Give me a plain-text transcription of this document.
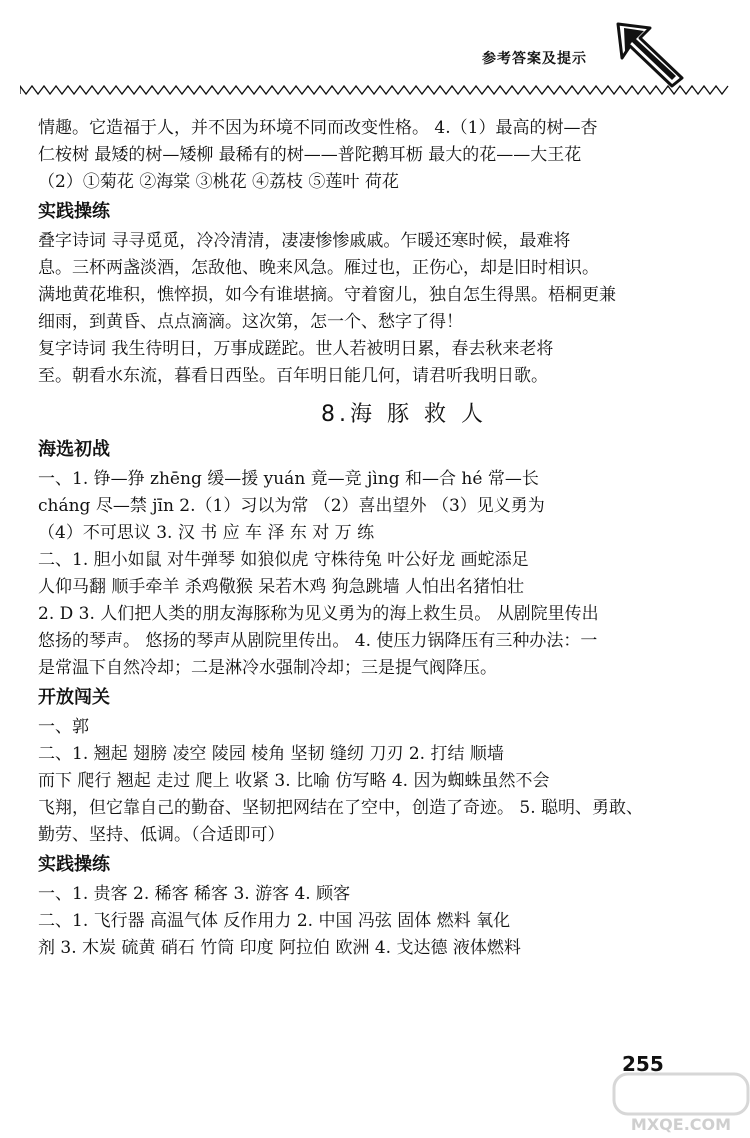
参考答案及提示
情趣。它造福于人，并不因为环境不同而改变性格。 4.（1）最高的树—杏
仁桉树 最矮的树—矮柳 最稀有的树——普陀鹅耳枥 最大的花——大王花
（2）①菊花 ②海棠 ③桃花 ④荔枝 ⑤莲叶 荷花
实践操练
叠字诗词 寻寻觅觅，冷冷清清，凄凄惨惨戚戚。乍暖还寒时候，最难将
息。三杯两盏淡酒，怎敌他、晚来风急。雁过也，正伤心，却是旧时相识。
满地黄花堆积，憔悴损，如今有谁堪摘。守着窗儿，独自怎生得黑。梧桐更兼
细雨，到黄昏、点点滴滴。这次第，怎一个、愁字了得！
复字诗词 我生待明日，万事成蹉跎。世人若被明日累，春去秋来老将
至。朝看水东流，暮看日西坠。百年明日能几何，请君听我明日歌。
8.海 豚 救 人
海选初战
一、1. 铮—狰 zhēng 缓—援 yuán 竟—竞 jìng 和—合 hé 常—长
cháng 尽—禁 jīn 2.（1）习以为常 （2）喜出望外 （3）见义勇为
（4）不可思议 3. 汉 书 应 车 泽 东 对 万 练
二、1. 胆小如鼠 对牛弹琴 如狼似虎 守株待兔 叶公好龙 画蛇添足
人仰马翻 顺手牵羊 杀鸡儆猴 呆若木鸡 狗急跳墙 人怕出名猪怕壮
2. D 3. 人们把人类的朋友海豚称为见义勇为的海上救生员。 从剧院里传出
悠扬的琴声。 悠扬的琴声从剧院里传出。 4. 使压力锅降压有三种办法：一
是常温下自然冷却；二是淋冷水强制冷却；三是提气阀降压。
开放闯关
一、郭
二、1. 翘起 翅膀 凌空 陵园 棱角 坚韧 缝纫 刀刃 2. 打结 顺墙
而下 爬行 翘起 走过 爬上 收紧 3. 比喻 仿写略 4. 因为蜘蛛虽然不会
飞翔，但它靠自己的勤奋、坚韧把网结在了空中，创造了奇迹。 5. 聪明、勇敢、
勤劳、坚持、低调。（合适即可）
实践操练
一、1. 贵客 2. 稀客 稀客 3. 游客 4. 顾客
二、1. 飞行器 高温气体 反作用力 2. 中国 冯弦 固体 燃料 氧化
剂 3. 木炭 硫黄 硝石 竹筒 印度 阿拉伯 欧洲 4. 戈达德 液体燃料
255
MXQE.COM
